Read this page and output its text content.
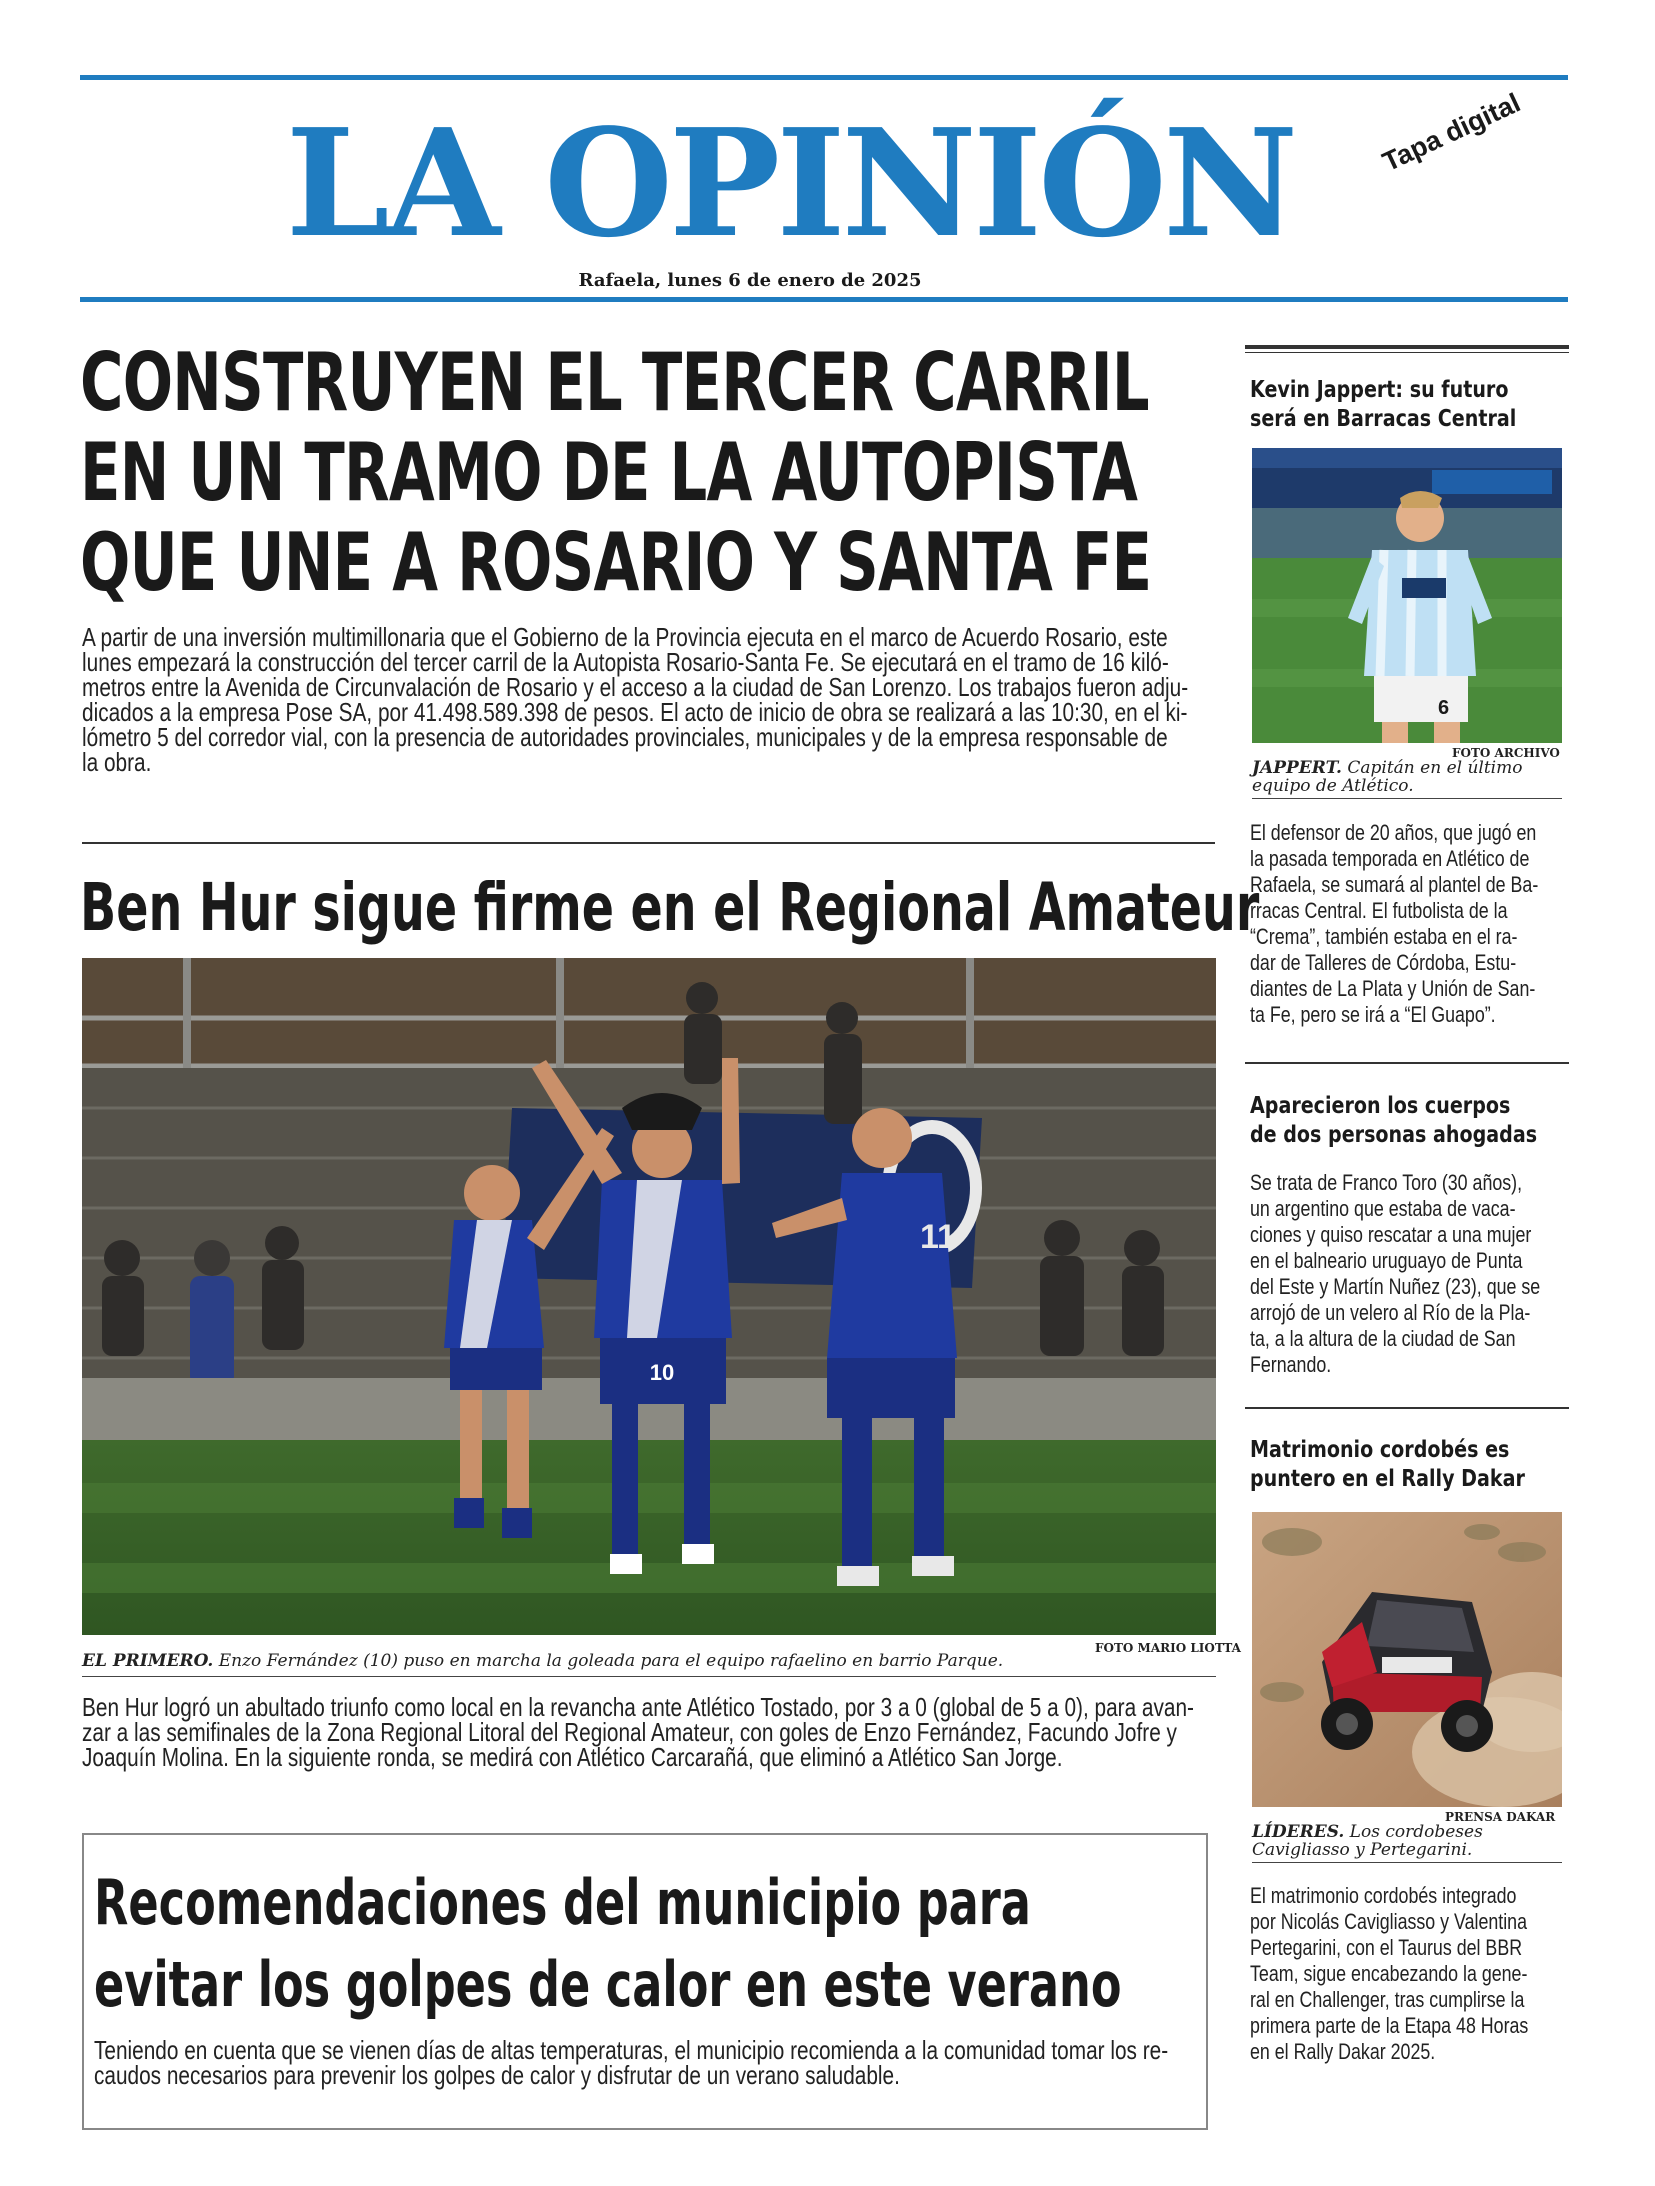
LA OPINIÓN	Tapa digital
Rafaela, lunes 6 de enero de 2025
CONSTRUYEN EL TERCER CARRIL
EN UN TRAMO DE LA AUTOPISTA
QUE UNE A ROSARIO Y SANTA FE
A partir de una inversión multimillonaria que el Gobierno de la Provincia ejecuta en el marco de Acuerdo Rosario, este
lunes empezará la construcción del tercer carril de la Autopista Rosario-Santa Fe. Se ejecutará en el tramo de 16 kiló-
metros entre la Avenida de Circunvalación de Rosario y el acceso a la ciudad de San Lorenzo. Los trabajos fueron adju-
dicados a la empresa Pose SA, por 41.498.589.398 de pesos. El acto de inicio de obra se realizará a las 10:30, en el ki-
lómetro 5 del corredor vial, con la presencia de autoridades provinciales, municipales y de la empresa responsable de
la obra.
Ben Hur sigue firme en el Regional Amateur
10
11
FOTO MARIO LIOTTA
EL PRIMERO. Enzo Fernández (10) puso en marcha la goleada para el equipo rafaelino en barrio Parque.
Ben Hur logró un abultado triunfo como local en la revancha ante Atlético Tostado, por 3 a 0 (global de 5 a 0), para avan-
zar a las semifinales de la Zona Regional Litoral del Regional Amateur, con goles de Enzo Fernández, Facundo Jofre y
Joaquín Molina. En la siguiente ronda, se medirá con Atlético Carcarañá, que eliminó a Atlético San Jorge.
Recomendaciones del municipio para
evitar los golpes de calor en este verano
Teniendo en cuenta que se vienen días de altas temperaturas, el municipio recomienda a la comunidad tomar los re-
caudos necesarios para prevenir los golpes de calor y disfrutar de un verano saludable.
Kevin Jappert: su futuro
será en Barracas Central
6
FOTO ARCHIVO
JAPPERT. Capitán en el último
equipo de Atlético.
El defensor de 20 años, que jugó en
la pasada temporada en Atlético de
Rafaela, se sumará al plantel de Ba-
rracas Central. El futbolista de la
“Crema”, también estaba en el ra-
dar de Talleres de Córdoba, Estu-
diantes de La Plata y Unión de San-
ta Fe, pero se irá a “El Guapo”.
Aparecieron los cuerpos
de dos personas ahogadas
Se trata de Franco Toro (30 años),
un argentino que estaba de vaca-
ciones y quiso rescatar a una mujer
en el balneario uruguayo de Punta
del Este y Martín Nuñez (23), que se
arrojó de un velero al Río de la Pla-
ta, a la altura de la ciudad de San
Fernando.
Matrimonio cordobés es
puntero en el Rally Dakar
PRENSA DAKAR
LÍDERES. Los cordobeses
Cavigliasso y Pertegarini.
El matrimonio cordobés integrado
por Nicolás Cavigliasso y Valentina
Pertegarini, con el Taurus del BBR
Team, sigue encabezando la gene-
ral en Challenger, tras cumplirse la
primera parte de la Etapa 48 Horas
en el Rally Dakar 2025.
